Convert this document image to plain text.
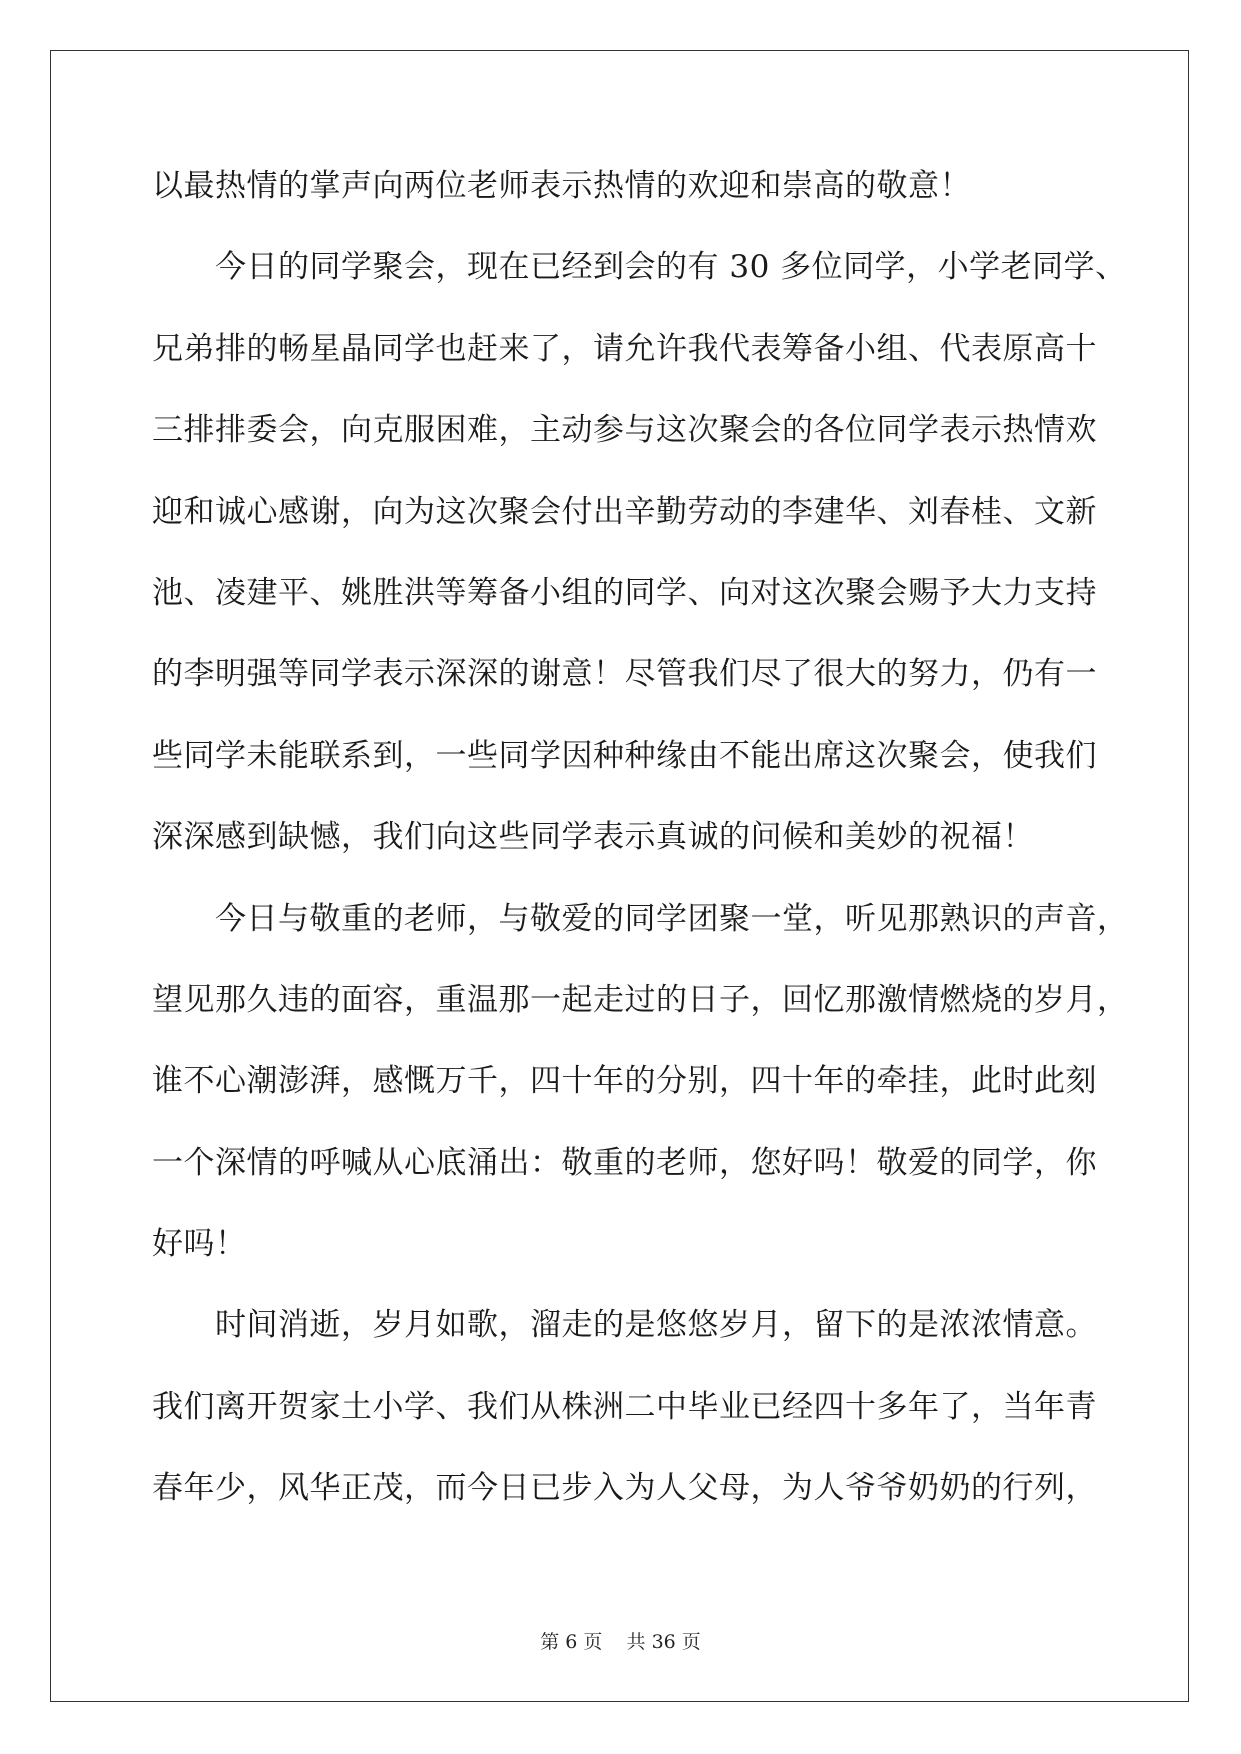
以最热情的掌声向两位老师表示热情的欢迎和崇高的敬意！
今日的同学聚会，现在已经到会的有 30 多位同学，小学老同学、
兄弟排的畅星晶同学也赶来了，请允许我代表筹备小组、代表原高十
三排排委会，向克服困难，主动参与这次聚会的各位同学表示热情欢
迎和诚心感谢，向为这次聚会付出辛勤劳动的李建华、刘春桂、文新
池、凌建平、姚胜洪等筹备小组的同学、向对这次聚会赐予大力支持
的李明强等同学表示深深的谢意！尽管我们尽了很大的努力，仍有一
些同学未能联系到，一些同学因种种缘由不能出席这次聚会，使我们
深深感到缺憾，我们向这些同学表示真诚的问候和美妙的祝福！
今日与敬重的老师，与敬爱的同学团聚一堂，听见那熟识的声音，
望见那久违的面容，重温那一起走过的日子，回忆那激情燃烧的岁月，
谁不心潮澎湃，感慨万千，四十年的分别，四十年的牵挂，此时此刻
一个深情的呼喊从心底涌出：敬重的老师，您好吗！敬爱的同学，你
好吗！
时间消逝，岁月如歌，溜走的是悠悠岁月，留下的是浓浓情意。
我们离开贺家土小学、我们从株洲二中毕业已经四十多年了，当年青
春年少，风华正茂，而今日已步入为人父母，为人爷爷奶奶的行列，
第 6 页    共 36 页
